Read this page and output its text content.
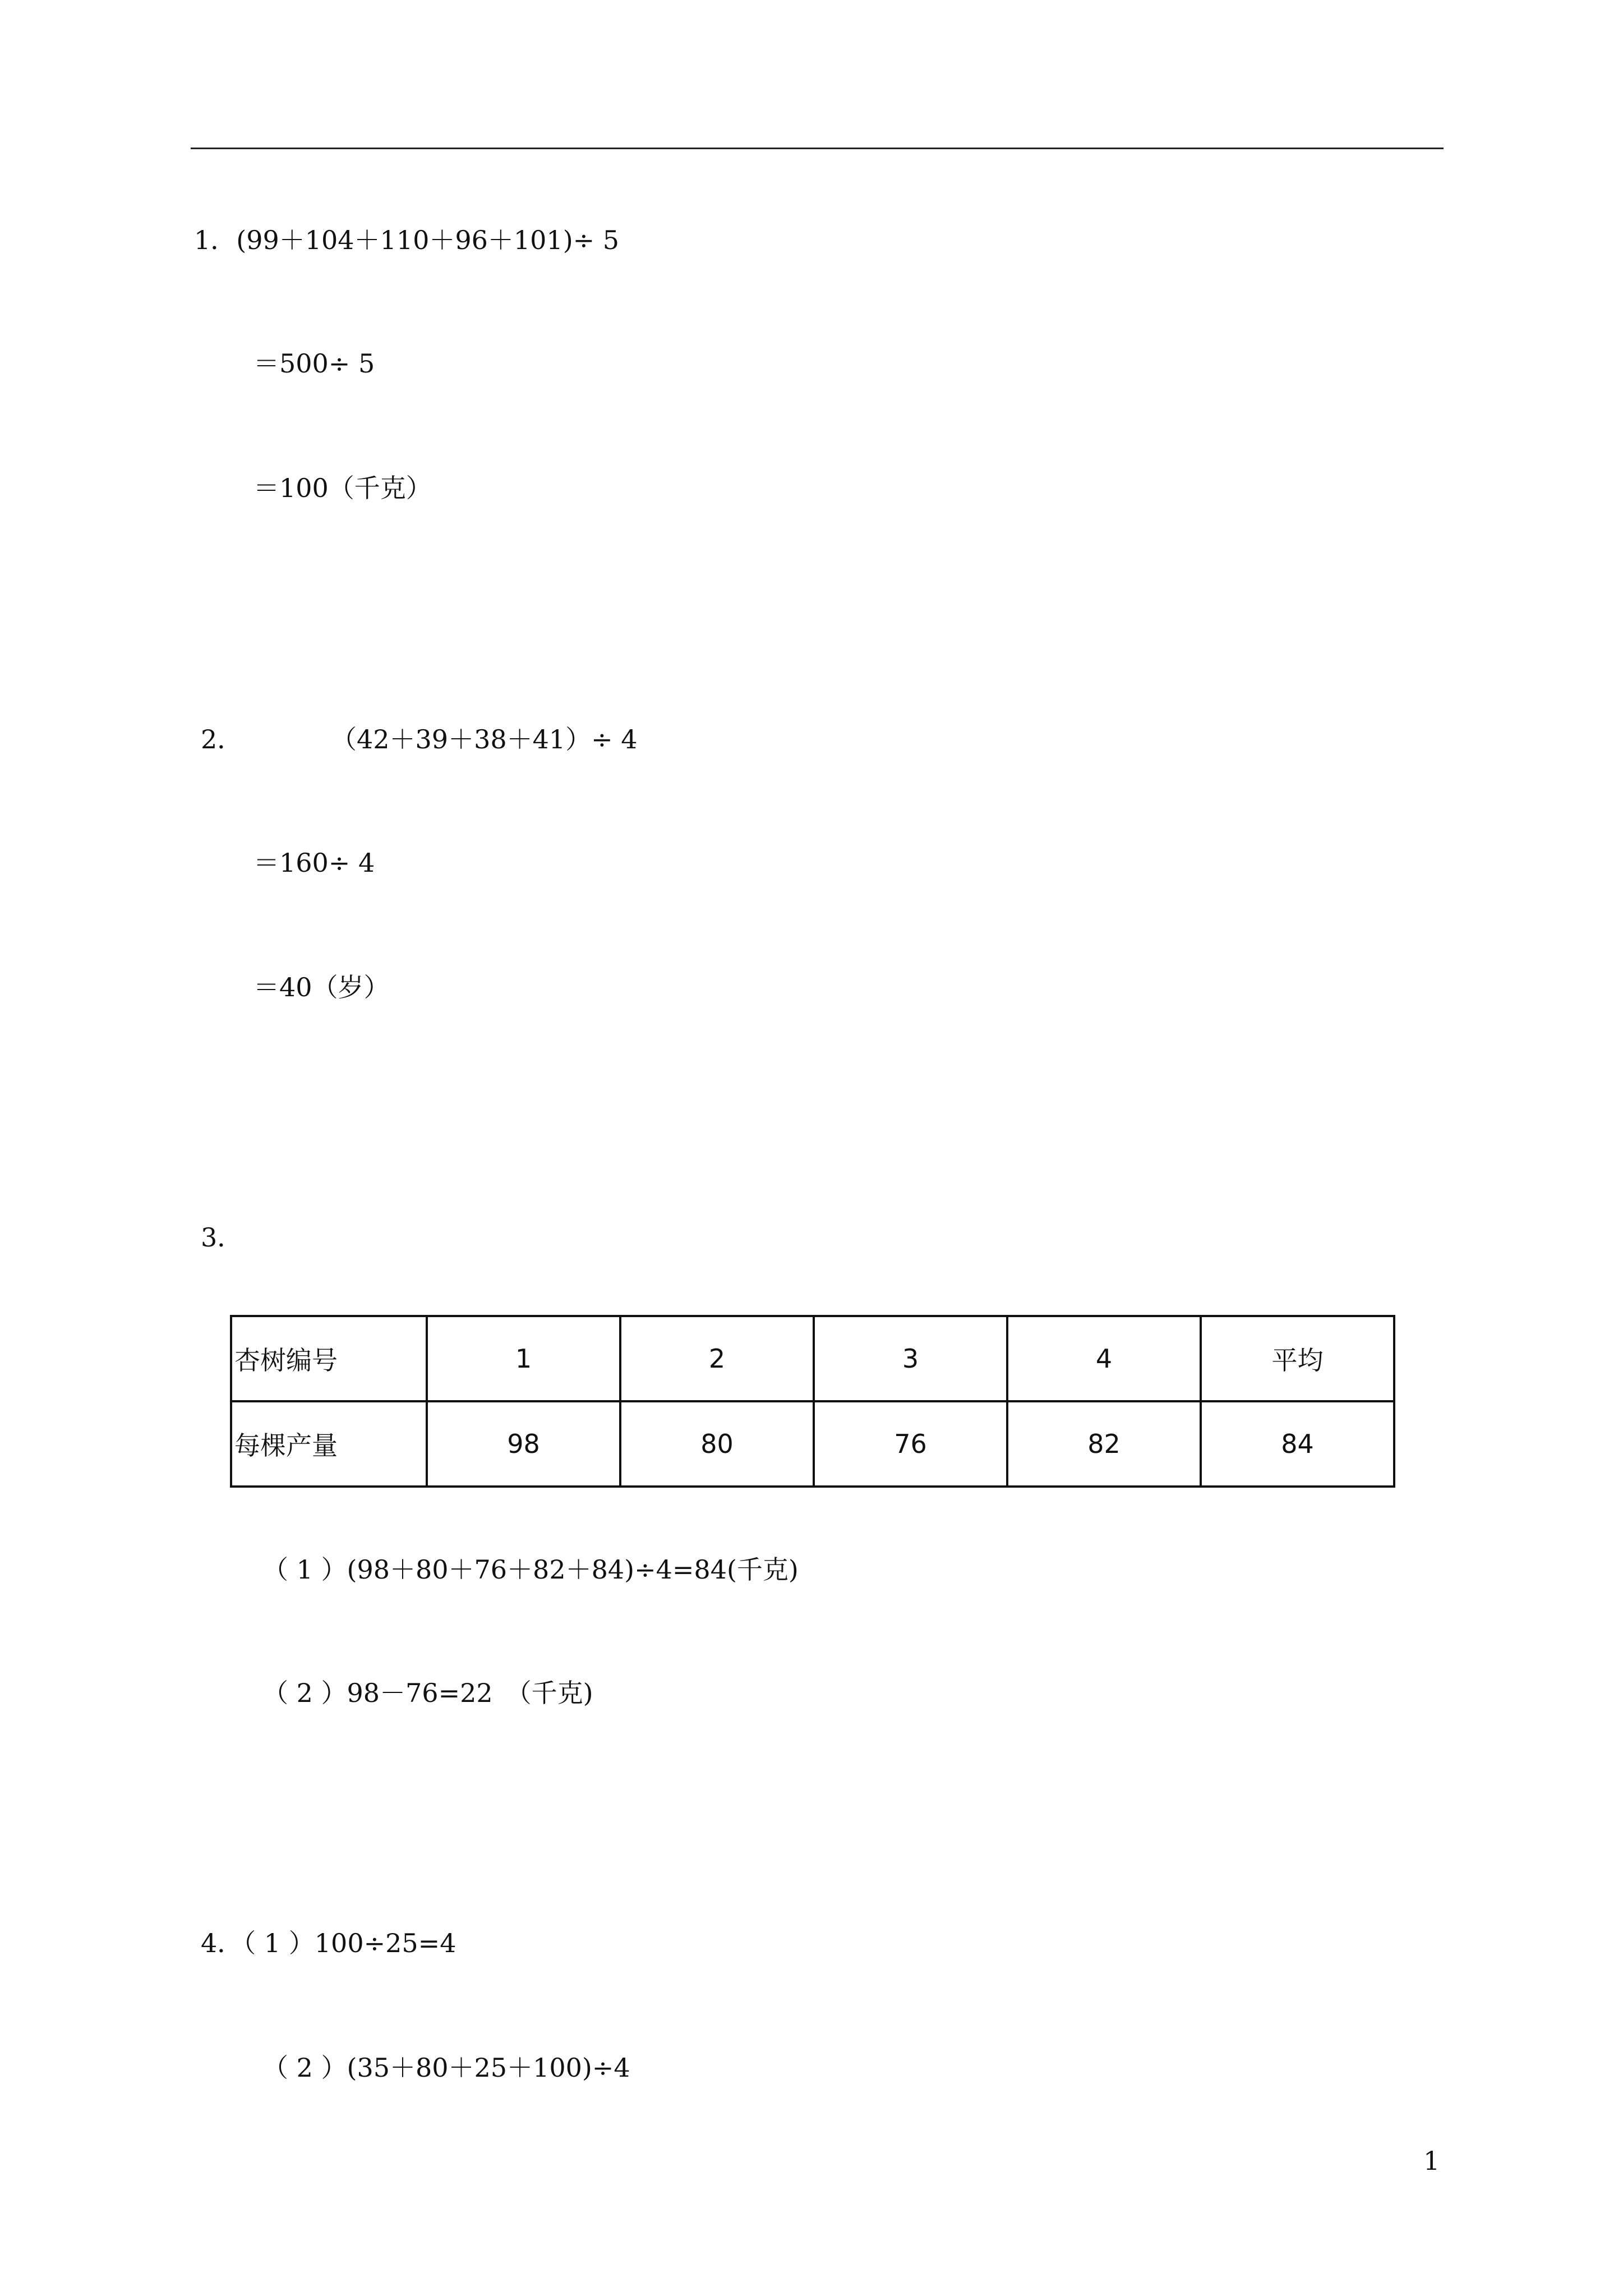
1．(99＋104＋110＋96＋101)÷ 5
＝500÷ 5
＝100（千克）
2．	（42＋39＋38＋41）÷ 4
＝160÷ 4
＝40（岁）
3．
杏树编号	1	2	3	4	平均
每棵产量	98	80	76	82	84
（ 1 ）(98＋80＋76＋82＋84)÷4=84(千克)
（ 2 ）98－76=22　（千克)
4．（ 1 ）100÷25=4
（ 2 ）(35＋80＋25＋100)÷4
1
